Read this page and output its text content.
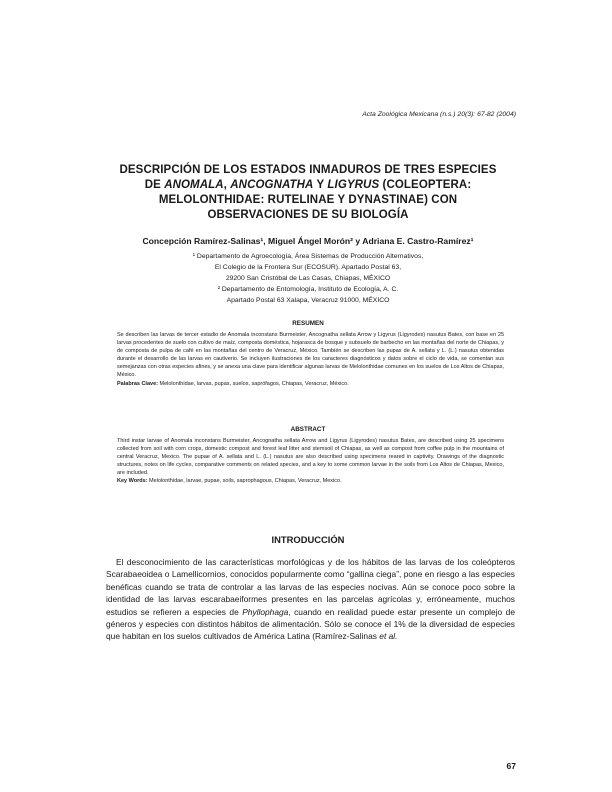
Acta Zoológica Mexicana (n.s.) 20(3): 67-82 (2004)
DESCRIPCIÓN DE LOS ESTADOS INMADUROS DE TRES ESPECIES
DE ANOMALA, ANCOGNATHA Y LIGYRUS (COLEOPTERA:
MELOLONTHIDAE: RUTELINAE Y DYNASTINAE) CON
OBSERVACIONES DE SU BIOLOGÍA
Concepción Ramírez-Salinas¹, Miguel Ángel Morón² y Adriana E. Castro-Ramírez¹
¹ Departamento de Agroecología, Área Sistemas de Producción Alternativos,
El Colegio de la Frontera Sur (ECOSUR). Apartado Postal 63,
29200 San Cristóbal de Las Casas, Chiapas, MÉXICO
² Departamento de Entomología, Instituto de Ecología, A. C.
Apartado Postal 63 Xalapa, Veracruz 91000, MÉXICO
RESUMEN
Se describen las larvas de tercer estadio de Anomala inconstans Burmeister, Ancognatha sellata Arrow y Ligyrus (Ligyrodes) nasutus Bates, con base en 25 larvas procedentes de suelo con cultivo de maíz, composta doméstica, hojarasca de bosque y subsuelo de barbecho en las montañas del norte de Chiapas, y de composta de pulpa de café en las montañas del centro de Veracruz, México. También se describen las pupas de A. sellata y L. (L.) nasutus obtenidas durante el desarrollo de las larvas en cautiverio. Se incluyen ilustraciones de los caracteres diagnósticos y datos sobre el ciclo de vida, se comentan sus semejanzas con otras especies afines, y se anexa una clave para identificar algunas larvas de Melolonthidae comunes en los suelos de Los Altos de Chiapas, México.
Palabras Clave: Melolonthidae, larvas, pupas, suelos, saprófagos, Chiapas, Veracruz, México.
ABSTRACT
Third instar larvae of Anomala inconstans Burmeister, Ancognatha sellata Arrow and Ligyrus (Ligyrodes) nasutus Bates, are described using 25 specimens collected from soil with corn crops, domestic compost and forest leaf litter and stemsoil of Chiapas, as well as compost from coffee pulp in the mountains of central Veracruz, Mexico. The pupae of A. sellata and L. (L.) nasutus are also described using specimens reared in captivity. Drawings of the diagnostic structures, notes on life cycles, comparative comments on related species, and a key to some common larvae in the soils from Los Altos de Chiapas, Mexico, are included.
Key Words: Melolonthidae, larvae, pupae, soils, saprophagous, Chiapas, Veracruz, Mexico.
INTRODUCCIÓN

El desconocimiento de las características morfológicas y de los hábitos de las larvas de los coleópteros Scarabaeoidea o Lamellicornios, conocidos popularmente como “gallina ciega”, pone en riesgo a las especies benéficas cuando se trata de controlar a las larvas de las especies nocivas. Aún se conoce poco sobre la identidad de las larvas escarabaeiformes presentes en las parcelas agrícolas y, erróneamente, muchos estudios se refieren a especies de Phyllophaga, cuando en realidad puede estar presente un complejo de géneros y especies con distintos hábitos de alimentación. Sólo se conoce el 1% de la diversidad de especies que habitan en los suelos cultivados de América Latina (Ramírez-Salinas et al.

67
